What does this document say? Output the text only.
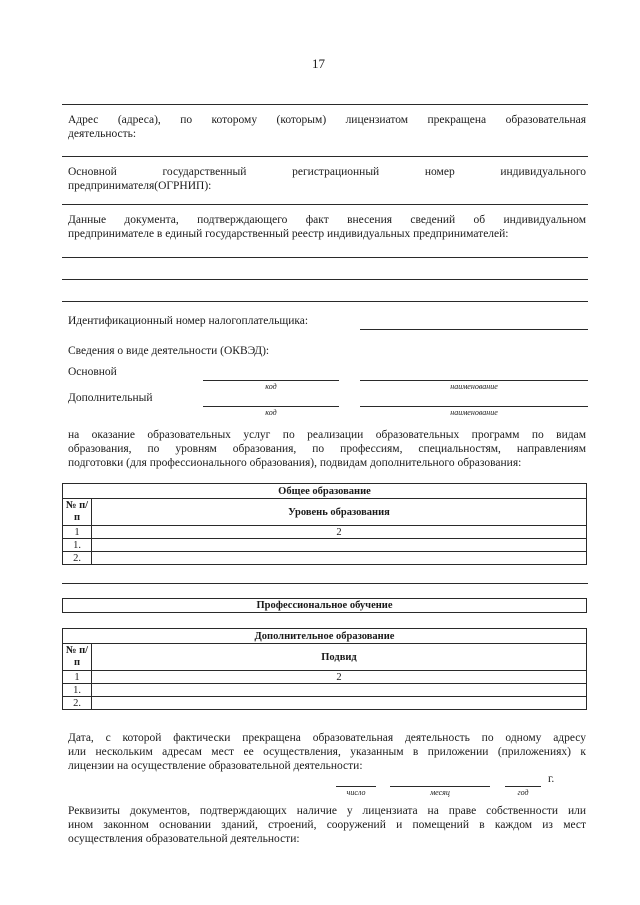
17
Адрес (адреса), по которому (которым) лицензиатом прекращена образовательная
деятельность:
Основной государственный регистрационный номер индивидуального
предпринимателя(ОГРНИП):
Данные документа, подтверждающего факт внесения сведений об индивидуальном
предпринимателе в единый государственный реестр индивидуальных предпринимателей:
Идентификационный номер налогоплательщика:
Сведения о виде деятельности (ОКВЭД):
Основной
код	наименование
Дополнительный
код	наименование
на оказание образовательных услуг по реализации образовательных программ по видам
образования, по уровням образования, по профессиям, специальностям, направлениям
подготовки (для профессионального образования), подвидам дополнительного образования:
Общее образование	
№ п/п	Уровень образования
1	2
1.	
2.	
Профессиональное обучение
Дополнительное образование	
№ п/п	Подвид
1	2
1.	
2.	
Дата, с которой фактически прекращена образовательная деятельность по одному адресу
или нескольким адресам мест ее осуществления, указанным в приложении (приложениях) к
лицензии на осуществление образовательной деятельности:
г.
число	месяц	год
Реквизиты документов, подтверждающих наличие у лицензиата на праве собственности или
ином законном основании зданий, строений, сооружений и помещений в каждом из мест
осуществления образовательной деятельности:
